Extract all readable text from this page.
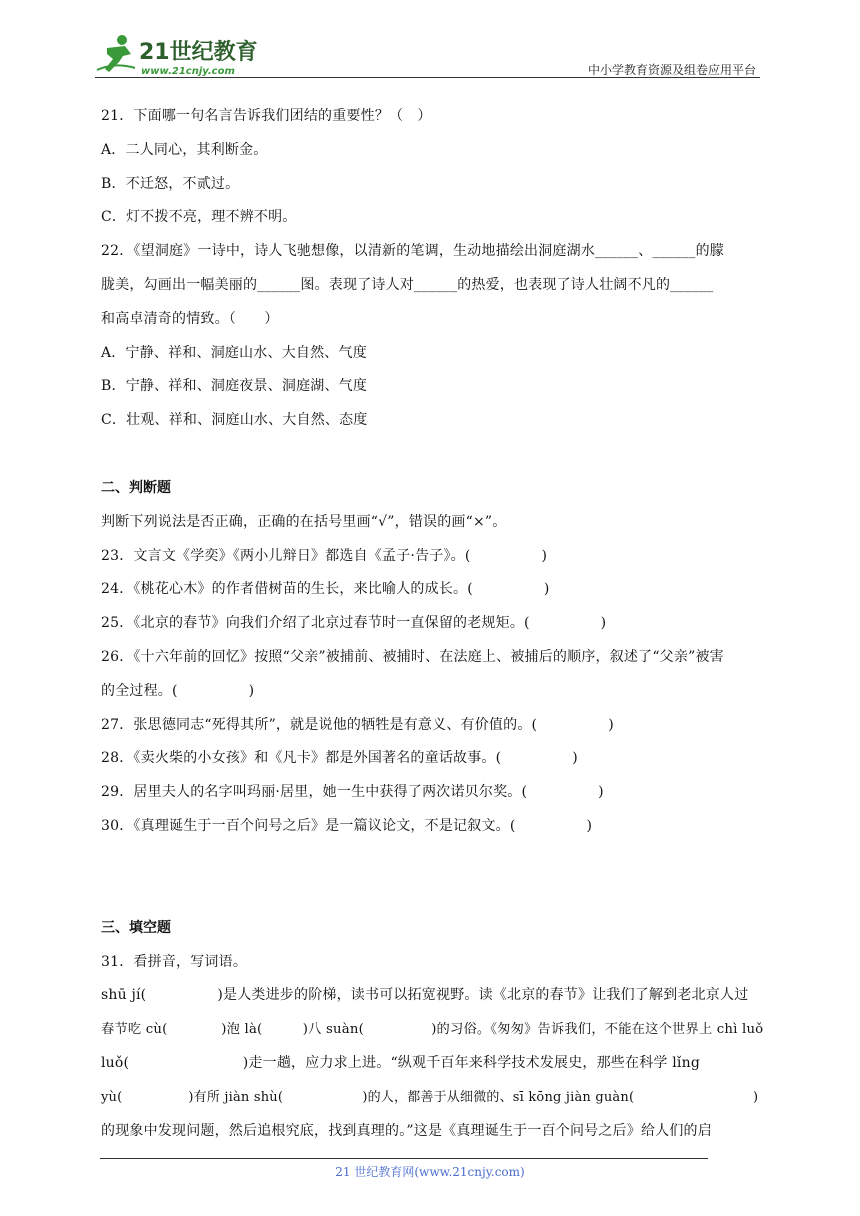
21世纪教育
www.21cnjy.com	中小学教育资源及组卷应用平台
21．下面哪一句名言告诉我们团结的重要性？（　）
A．二人同心，其利断金。
B．不迁怒，不贰过。
C．灯不拨不亮，理不辨不明。
22．《望洞庭》一诗中，诗人飞驰想像，以清新的笔调，生动地描绘出洞庭湖水______、______的朦
胧美，勾画出一幅美丽的______图。表现了诗人对______的热爱，也表现了诗人壮阔不凡的______
和高卓清奇的情致。（　　）
A．宁静、祥和、洞庭山水、大自然、气度
B．宁静、祥和、洞庭夜景、洞庭湖、气度
C．壮观、祥和、洞庭山水、大自然、态度
二、判断题
判断下列说法是否正确，正确的在括号里画“√”，错误的画“×”。
23．文言文《学奕》《两小儿辩日》都选自《孟子·告子》。(　　　　　)
24．《桃花心木》的作者借树苗的生长，来比喻人的成长。(　　　　　)
25．《北京的春节》向我们介绍了北京过春节时一直保留的老规矩。(　　　　　)
26．《十六年前的回忆》按照“父亲”被捕前、被捕时、在法庭上、被捕后的顺序，叙述了“父亲”被害
的全过程。(　　　　　)
27．张思德同志“死得其所”，就是说他的牺牲是有意义、有价值的。(　　　　　)
28．《卖火柴的小女孩》和《凡卡》都是外国著名的童话故事。(　　　　　)
29．居里夫人的名字叫玛丽·居里，她一生中获得了两次诺贝尔奖。(　　　　　)
30．《真理诞生于一百个问号之后》是一篇议论文，不是记叙文。(　　　　　)
三、填空题
31．看拼音，写词语。
shū jí(　　　　　)是人类进步的阶梯，读书可以拓宽视野。读《北京的春节》让我们了解到老北京人过
春节吃 cù(　　　　)泡 là(　　　)八 suàn(　　　　　)的习俗。《匆匆》告诉我们，不能在这个世界上 chì luǒ
luǒ(　　　　　　　　)走一趟，应力求上进。“纵观千百年来科学技术发展史，那些在科学 lǐng
yù(　　　　　)有所 jiàn shù(　　　　　　)的人，都善于从细微的、sī kōng jiàn guàn(　　　　　　　　　)
的现象中发现问题，然后追根究底，找到真理的。”这是《真理诞生于一百个问号之后》给人们的启
21 世纪教育网(www.21cnjy.com)
